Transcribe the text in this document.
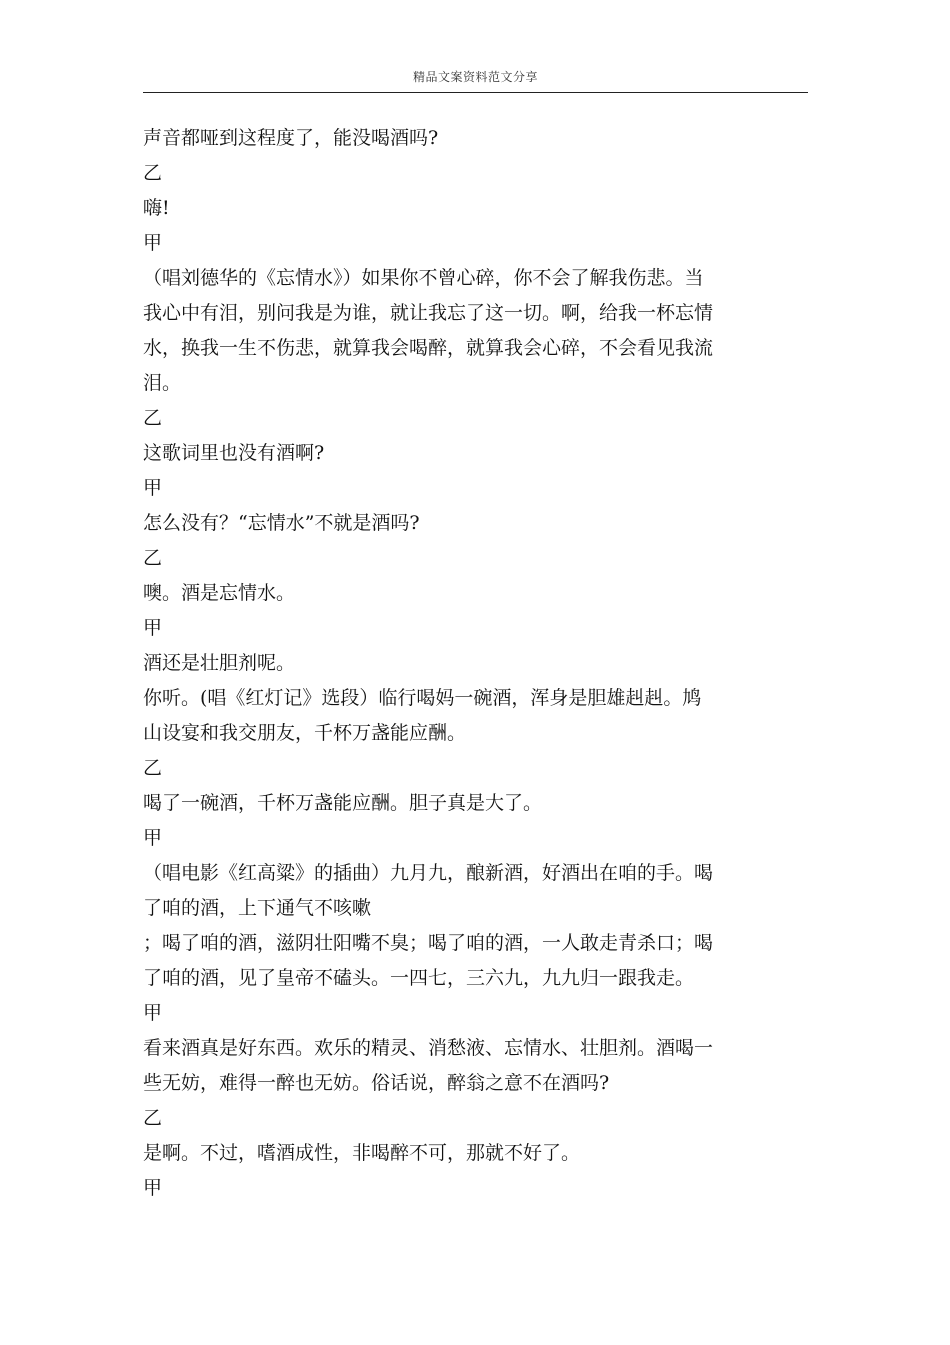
精品文案资料范文分享
声音都哑到这程度了，能没喝酒吗?
乙
嗨!
甲
（唱刘德华的《忘情水》）如果你不曾心碎，你不会了解我伤悲。当
我心中有泪，别问我是为谁，就让我忘了这一切。啊，给我一杯忘情
水，换我一生不伤悲，就算我会喝醉，就算我会心碎，不会看见我流
泪。
乙
这歌词里也没有酒啊?
甲
怎么没有？“忘情水”不就是酒吗?
乙
噢。酒是忘情水。
甲
酒还是壮胆剂呢。
你听。(唱《红灯记》选段）临行喝妈一碗酒，浑身是胆雄赳赳。鸠
山设宴和我交朋友，千杯万盏能应酬。
乙
喝了一碗酒，千杯万盏能应酬。胆子真是大了。
甲
（唱电影《红高粱》的插曲）九月九，酿新酒，好酒出在咱的手。喝
了咱的酒，上下通气不咳嗽
；喝了咱的酒，滋阴壮阳嘴不臭；喝了咱的酒，一人敢走青杀口；喝
了咱的酒，见了皇帝不磕头。一四七，三六九，九九归一跟我走。
甲
看来酒真是好东西。欢乐的精灵、消愁液、忘情水、壮胆剂。酒喝一
些无妨，难得一醉也无妨。俗话说，醉翁之意不在酒吗?
乙
是啊。不过，嗜酒成性，非喝醉不可，那就不好了。
甲
